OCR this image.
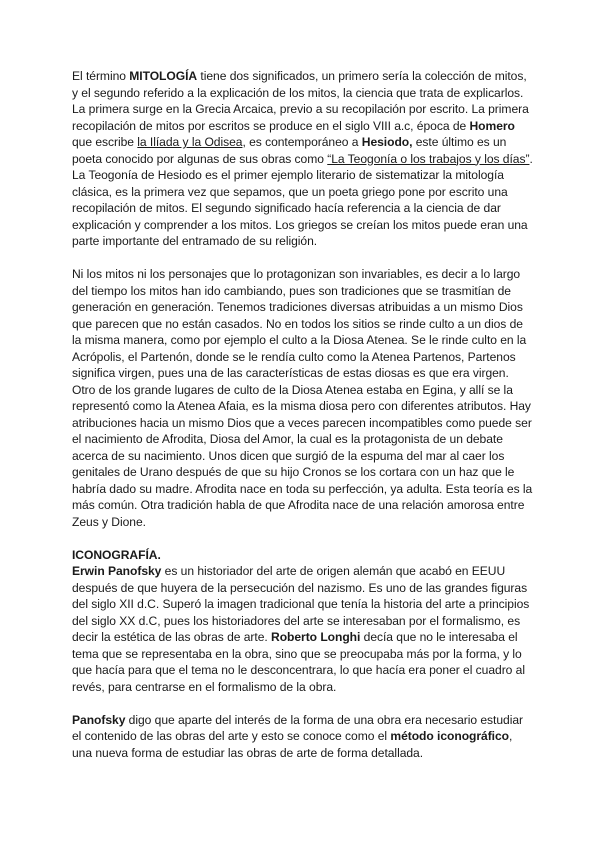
El término MITOLOGÍA tiene dos significados, un primero sería la colección de mitos, y el segundo referido a la explicación de los mitos, la ciencia que trata de explicarlos. La primera surge en la Grecia Arcaica, previo a su recopilación por escrito. La primera recopilación de mitos por escritos se produce en el siglo VIII a.c, época de Homero que escribe la Ilíada y la Odisea, es contemporáneo a Hesiodo, este último es un poeta conocido por algunas de sus obras como “La Teogonía o los trabajos y los días”. La Teogonía de Hesiodo es el primer ejemplo literario de sistematizar la mitología clásica, es la primera vez que sepamos, que un poeta griego pone por escrito una recopilación de mitos. El segundo significado hacía referencia a la ciencia de dar explicación y comprender a los mitos. Los griegos se creían los mitos puede eran una parte importante del entramado de su religión.

Ni los mitos ni los personajes que lo protagonizan son invariables, es decir a lo largo del tiempo los mitos han ido cambiando, pues son tradiciones que se trasmitían de generación en generación. Tenemos tradiciones diversas atribuidas a un mismo Dios que parecen que no están casados. No en todos los sitios se rinde culto a un dios de la misma manera, como por ejemplo el culto a la Diosa Atenea. Se le rinde culto en la Acrópolis, el Partenón, donde se le rendía culto como la Atenea Partenos, Partenos significa virgen, pues una de las características de estas diosas es que era virgen. Otro de los grande lugares de culto de la Diosa Atenea estaba en Egina, y allí se la representó como la Atenea Afaia, es la misma diosa pero con diferentes atributos. Hay atribuciones hacia un mismo Dios que a veces parecen incompatibles como puede ser el nacimiento de Afrodita, Diosa del Amor, la cual es la protagonista de un debate acerca de su nacimiento. Unos dicen que surgió de la espuma del mar al caer los genitales de Urano después de que su hijo Cronos se los cortara con un haz que le habría dado su madre. Afrodita nace en toda su perfección, ya adulta. Esta teoría es la más común. Otra tradición habla de que Afrodita nace de una relación amorosa entre Zeus y Dione.

ICONOGRAFÍA.

Erwin Panofsky es un historiador del arte de origen alemán que acabó en EEUU después de que huyera de la persecución del nazismo. Es uno de las grandes figuras del siglo XII d.C. Superó la imagen tradicional que tenía la historia del arte a principios del siglo XX d.C, pues los historiadores del arte se interesaban por el formalismo, es decir la estética de las obras de arte. Roberto Longhi decía que no le interesaba el tema que se representaba en la obra, sino que se preocupaba más por la forma, y lo que hacía para que el tema no le desconcentrara, lo que hacía era poner el cuadro al revés, para centrarse en el formalismo de la obra.

Panofsky digo que aparte del interés de la forma de una obra era necesario estudiar el contenido de las obras del arte y esto se conoce como el método iconográfico, una nueva forma de estudiar las obras de arte de forma detallada.
